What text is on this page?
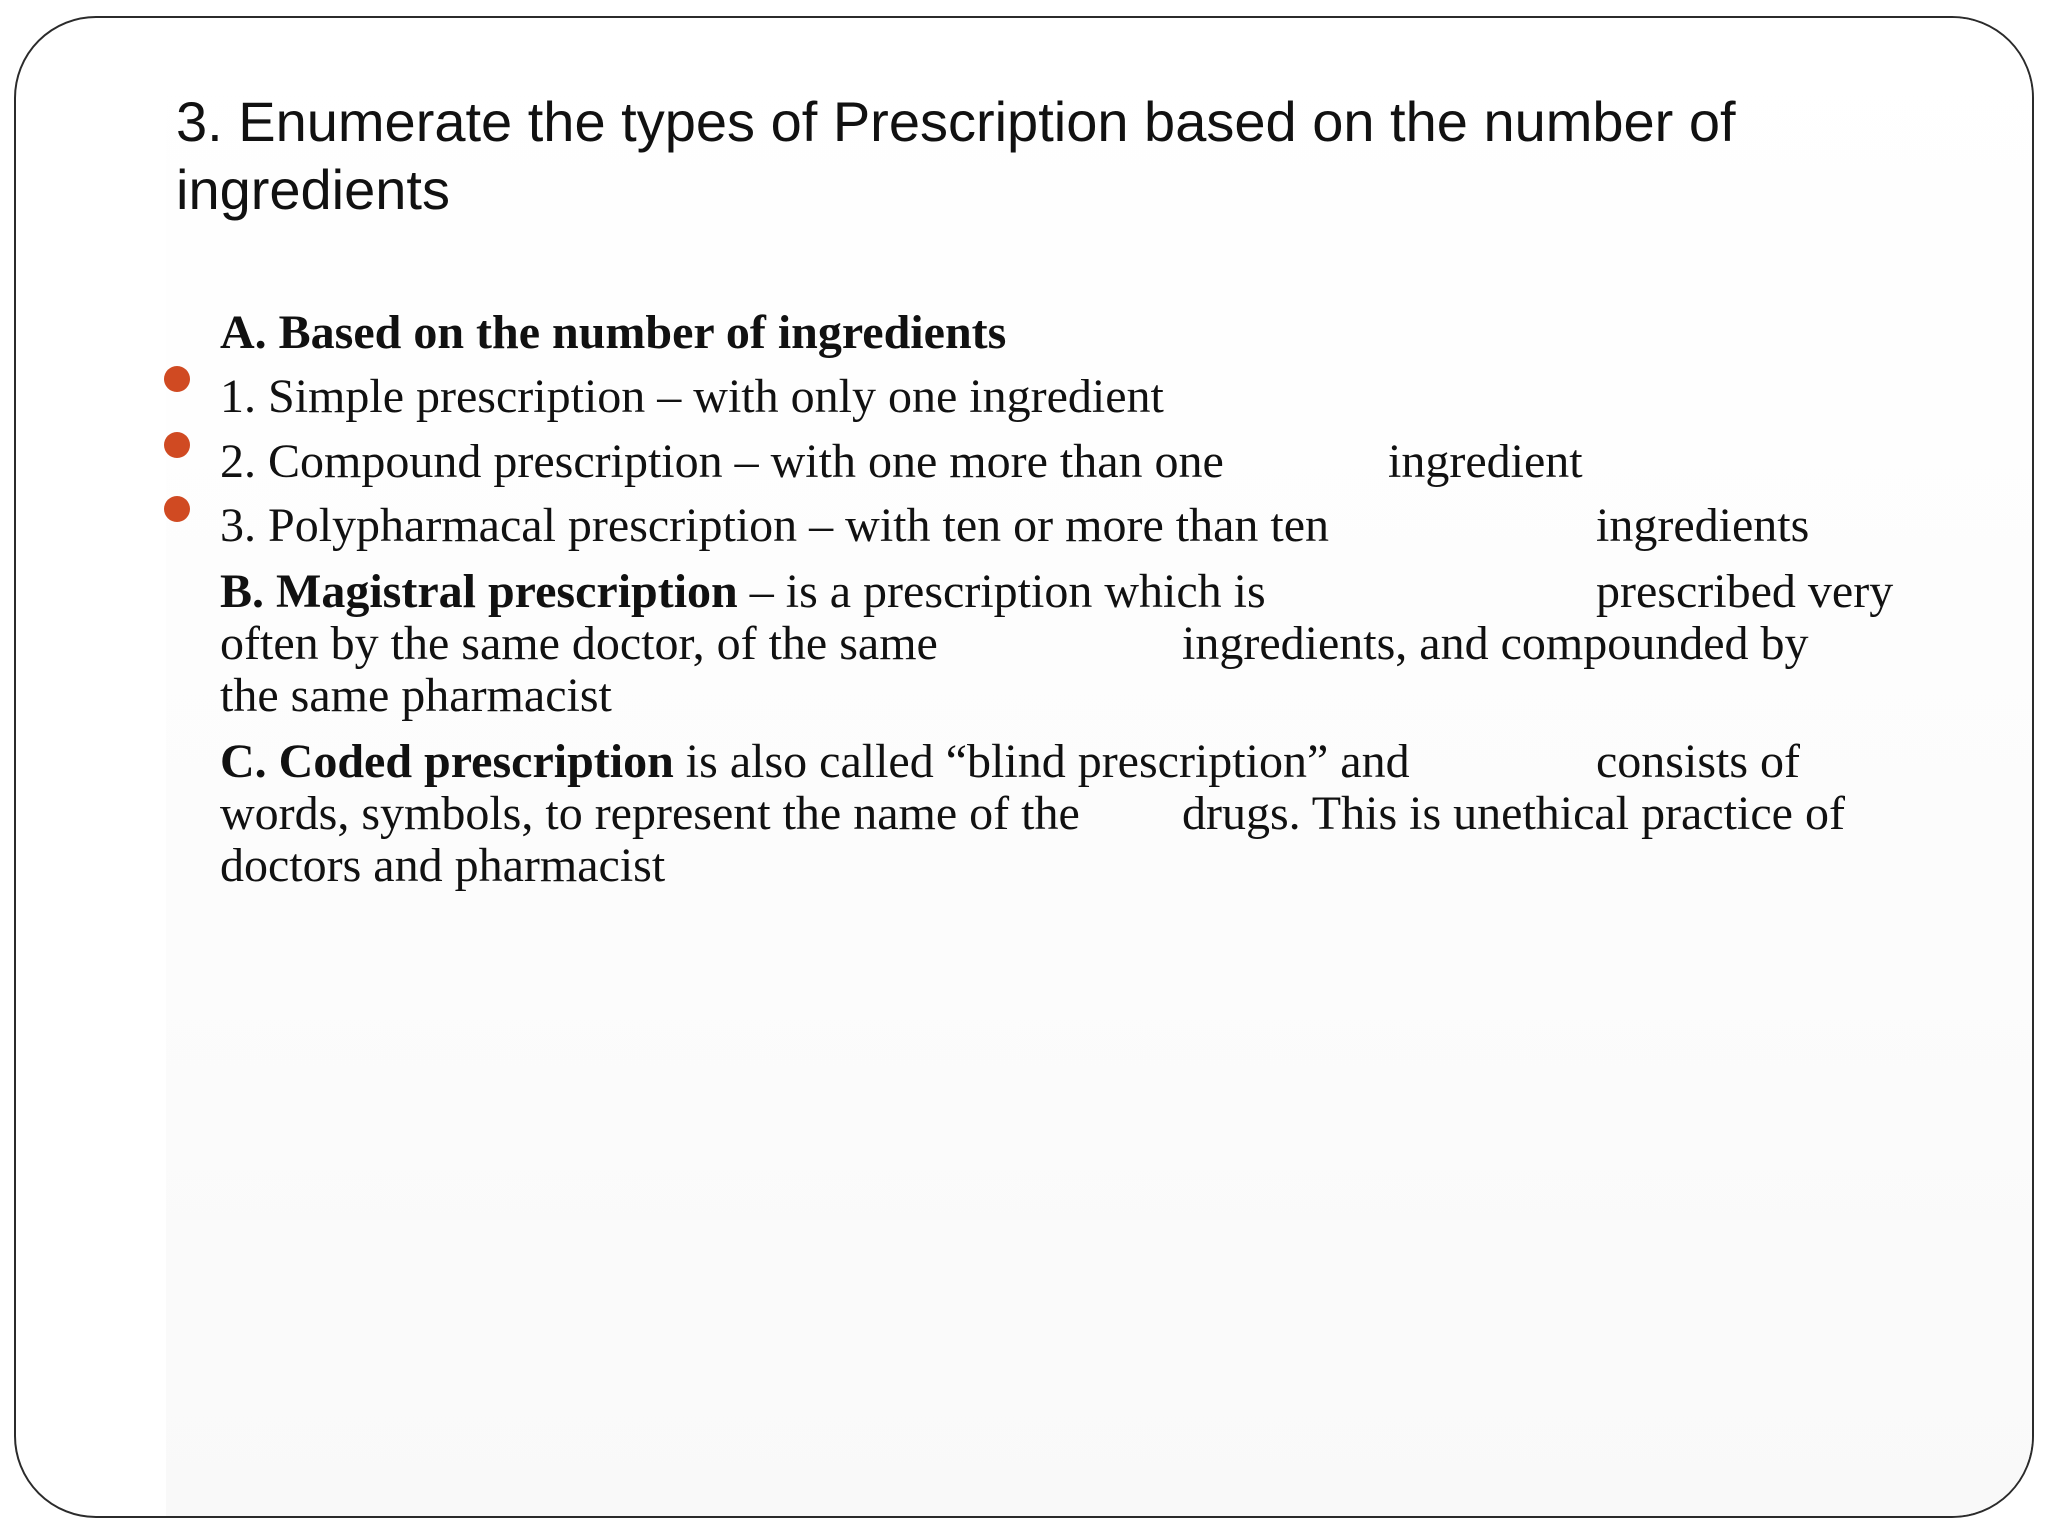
3. Enumerate the types of Prescription based on the number of
ingredients
A. Based on the number of ingredients
1. Simple prescription – with only one ingredient
2. Compound prescription – with one more than one	ingredient
3. Polypharmacal prescription – with ten or more than ten	ingredients
B. Magistral prescription – is a prescription which is	prescribed very
often by the same doctor, of the same	ingredients, and compounded by
the same pharmacist
C. Coded prescription is also called “blind prescription” and	consists of
words, symbols, to represent the name of the drugs. This is unethical practice of
doctors and pharmacist
